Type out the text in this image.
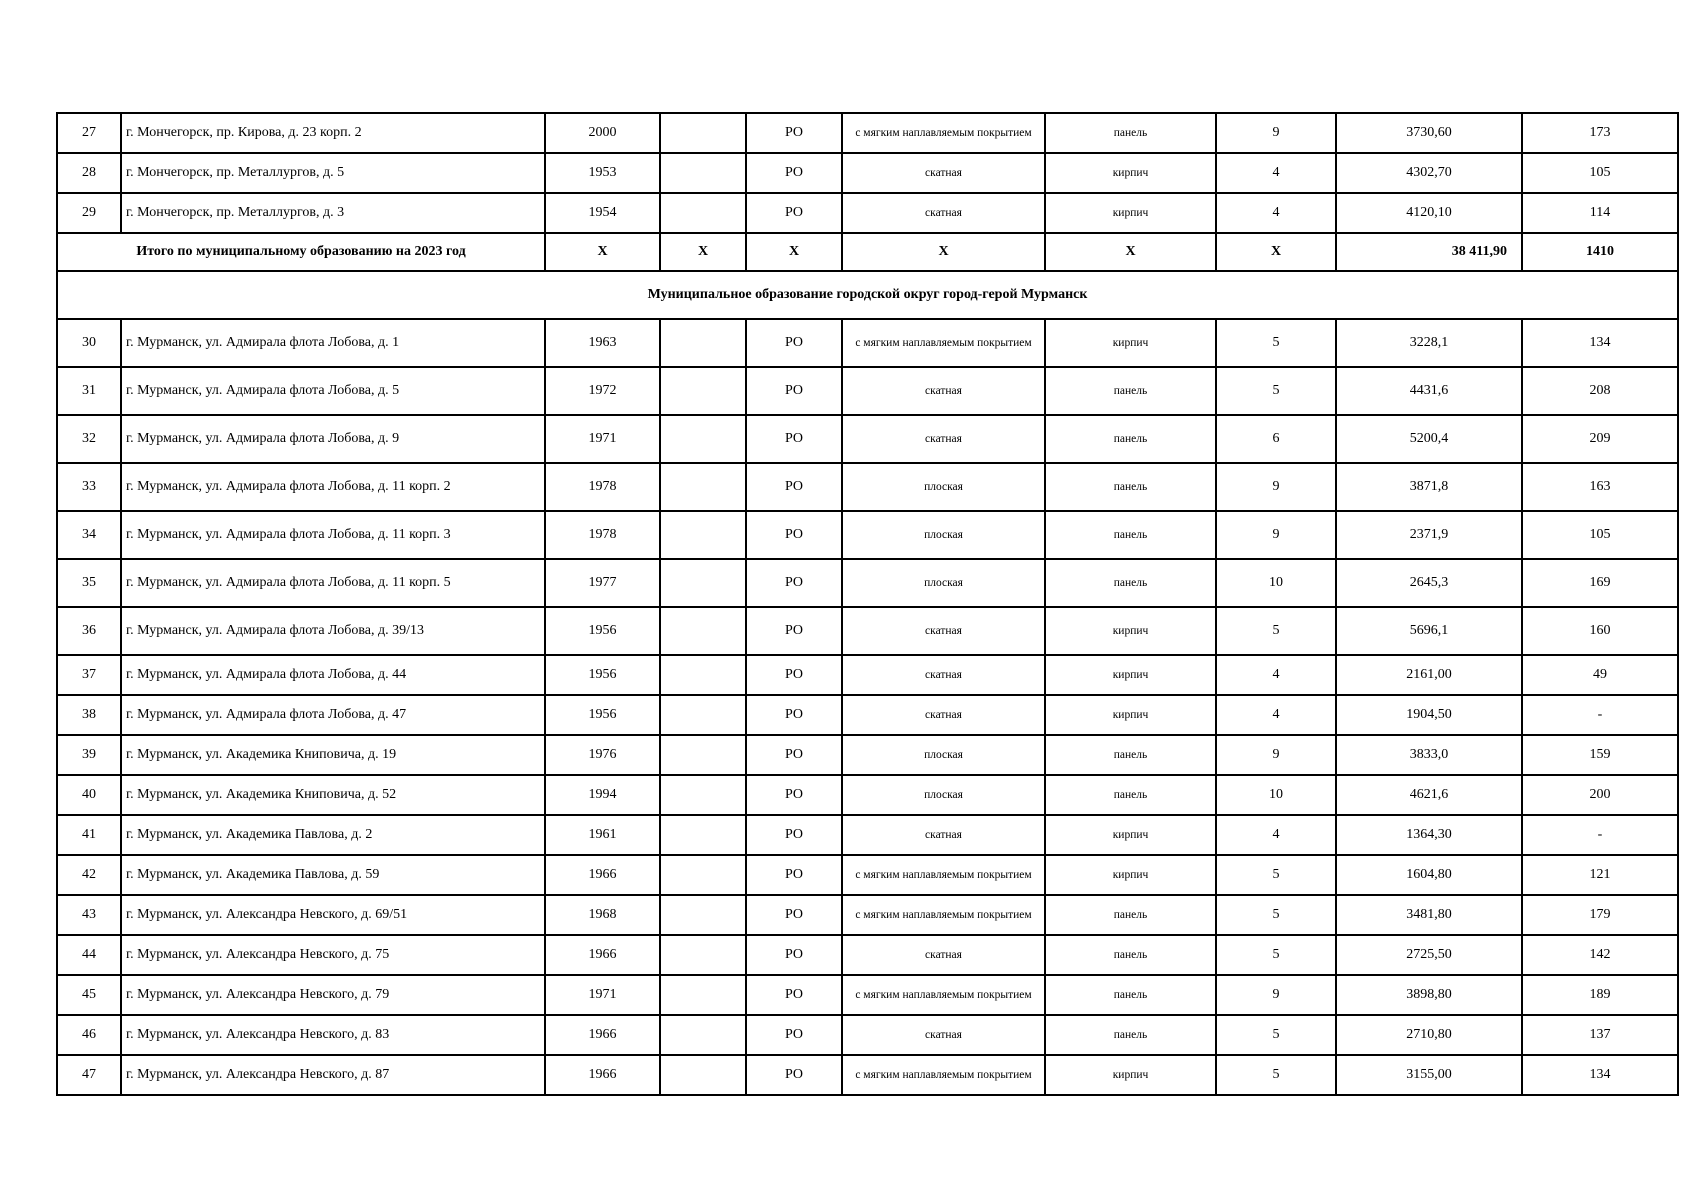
27	г. Мончегорск, пр. Кирова, д. 23 корп. 2	2000		РО	с мягким наплавляемым покрытием	панель	9	3730,60	173
28	г. Мончегорск, пр. Металлургов, д. 5	1953		РО	скатная	кирпич	4	4302,70	105
29	г. Мончегорск, пр. Металлургов, д. 3	1954		РО	скатная	кирпич	4	4120,10	114
Итого по муниципальному образованию на 2023 год		X	X	X	X	X	X	38 411,90	1410
Муниципальное образование городской округ город-герой Мурманск									
30	г. Мурманск, ул. Адмирала флота Лобова, д. 1	1963		РО	с мягким наплавляемым покрытием	кирпич	5	3228,1	134
31	г. Мурманск, ул. Адмирала флота Лобова, д. 5	1972		РО	скатная	панель	5	4431,6	208
32	г. Мурманск, ул. Адмирала флота Лобова, д. 9	1971		РО	скатная	панель	6	5200,4	209
33	г. Мурманск, ул. Адмирала флота Лобова, д. 11 корп. 2	1978		РО	плоская	панель	9	3871,8	163
34	г. Мурманск, ул. Адмирала флота Лобова, д. 11 корп. 3	1978		РО	плоская	панель	9	2371,9	105
35	г. Мурманск, ул. Адмирала флота Лобова, д. 11 корп. 5	1977		РО	плоская	панель	10	2645,3	169
36	г. Мурманск, ул. Адмирала флота Лобова, д. 39/13	1956		РО	скатная	кирпич	5	5696,1	160
37	г. Мурманск, ул. Адмирала флота Лобова, д. 44	1956		РО	скатная	кирпич	4	2161,00	49
38	г. Мурманск, ул. Адмирала флота Лобова, д. 47	1956		РО	скатная	кирпич	4	1904,50	-
39	г. Мурманск, ул. Академика Книповича, д. 19	1976		РО	плоская	панель	9	3833,0	159
40	г. Мурманск, ул. Академика Книповича, д. 52	1994		РО	плоская	панель	10	4621,6	200
41	г. Мурманск, ул. Академика Павлова, д. 2	1961		РО	скатная	кирпич	4	1364,30	-
42	г. Мурманск, ул. Академика Павлова, д. 59	1966		РО	с мягким наплавляемым покрытием	кирпич	5	1604,80	121
43	г. Мурманск, ул. Александра Невского, д. 69/51	1968		РО	с мягким наплавляемым покрытием	панель	5	3481,80	179
44	г. Мурманск, ул. Александра Невского, д. 75	1966		РО	скатная	панель	5	2725,50	142
45	г. Мурманск, ул. Александра Невского, д. 79	1971		РО	с мягким наплавляемым покрытием	панель	9	3898,80	189
46	г. Мурманск, ул. Александра Невского, д. 83	1966		РО	скатная	панель	5	2710,80	137
47	г. Мурманск, ул. Александра Невского, д. 87	1966		РО	с мягким наплавляемым покрытием	кирпич	5	3155,00	134
